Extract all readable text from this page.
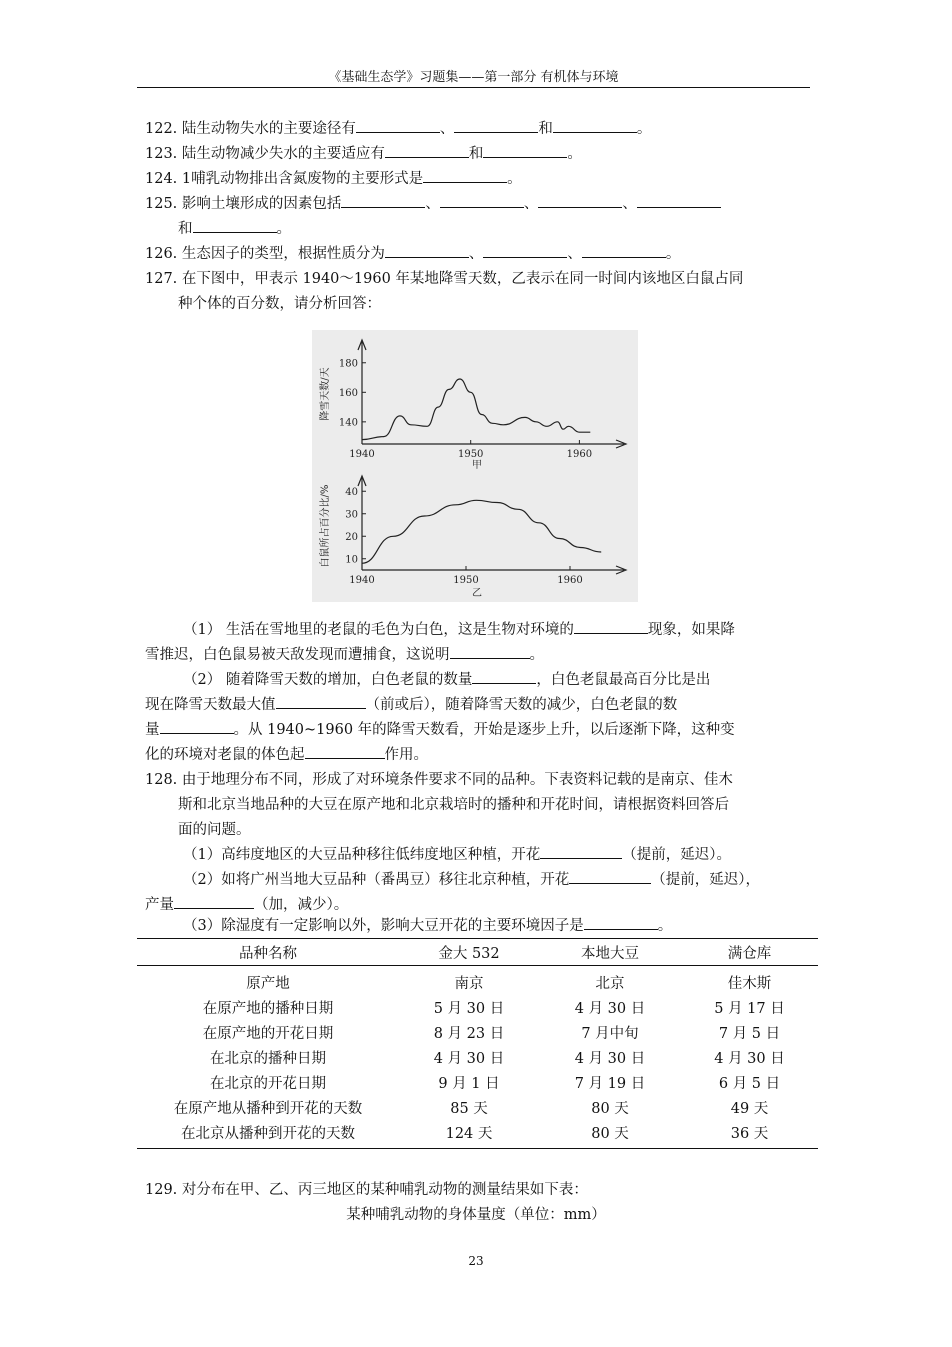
《基础生态学》习题集——第一部分 有机体与环境
122. 陆生动物失水的主要途径有	、	和	。
123. 陆生动物减少失水的主要适应有	和	。
124. 1哺乳动物排出含氮废物的主要形式是	。
125. 影响土壤形成的因素包括	、	、	、
和	。
126. 生态因子的类型，根据性质分为	、	、	。
127. 在下图中，甲表示 1940～1960 年某地降雪天数，乙表示在同一时间内该地区白鼠占同
种个体的百分数，请分析回答：
140
160
180
1940	1950	1960
降雪天数/天
甲
10
20
30
40
1940	1950	1960
白鼠所占百分比/%
乙
（1） 生活在雪地里的老鼠的毛色为白色，这是生物对环境的	现象，如果降
雪推迟，白色鼠易被天敌发现而遭捕食，这说明	。
（2） 随着降雪天数的增加，白色老鼠的数量	，白色老鼠最高百分比是出
现在降雪天数最大值	（前或后），随着降雪天数的减少，白色老鼠的数
量	。从 1940~1960 年的降雪天数看，开始是逐步上升，以后逐渐下降，这种变
化的环境对老鼠的体色起	作用。
128. 由于地理分布不同，形成了对环境条件要求不同的品种。下表资料记载的是南京、佳木
斯和北京当地品种的大豆在原产地和北京栽培时的播种和开花时间，请根据资料回答后
面的问题。
（1）高纬度地区的大豆品种移往低纬度地区种植，开花	（提前，延迟）。
（2）如将广州当地大豆品种（番禺豆）移往北京种植，开花	（提前，延迟），
产量	（加，减少）。
（3）除湿度有一定影响以外，影响大豆开花的主要环境因子是	。
品种名称	金大 532	本地大豆	满仓库
原产地	南京	北京	佳木斯
在原产地的播种日期	5 月 30 日	4 月 30 日	5 月 17 日
在原产地的开花日期	8 月 23 日	7 月中旬	7 月 5 日
在北京的播种日期	4 月 30 日	4 月 30 日	4 月 30 日
在北京的开花日期	9 月 1 日	7 月 19 日	6 月 5 日
在原产地从播种到开花的天数	85 天	80 天	49 天
在北京从播种到开花的天数	124 天	80 天	36 天
129. 对分布在甲、乙、丙三地区的某种哺乳动物的测量结果如下表：
某种哺乳动物的身体量度（单位：mm）
23
